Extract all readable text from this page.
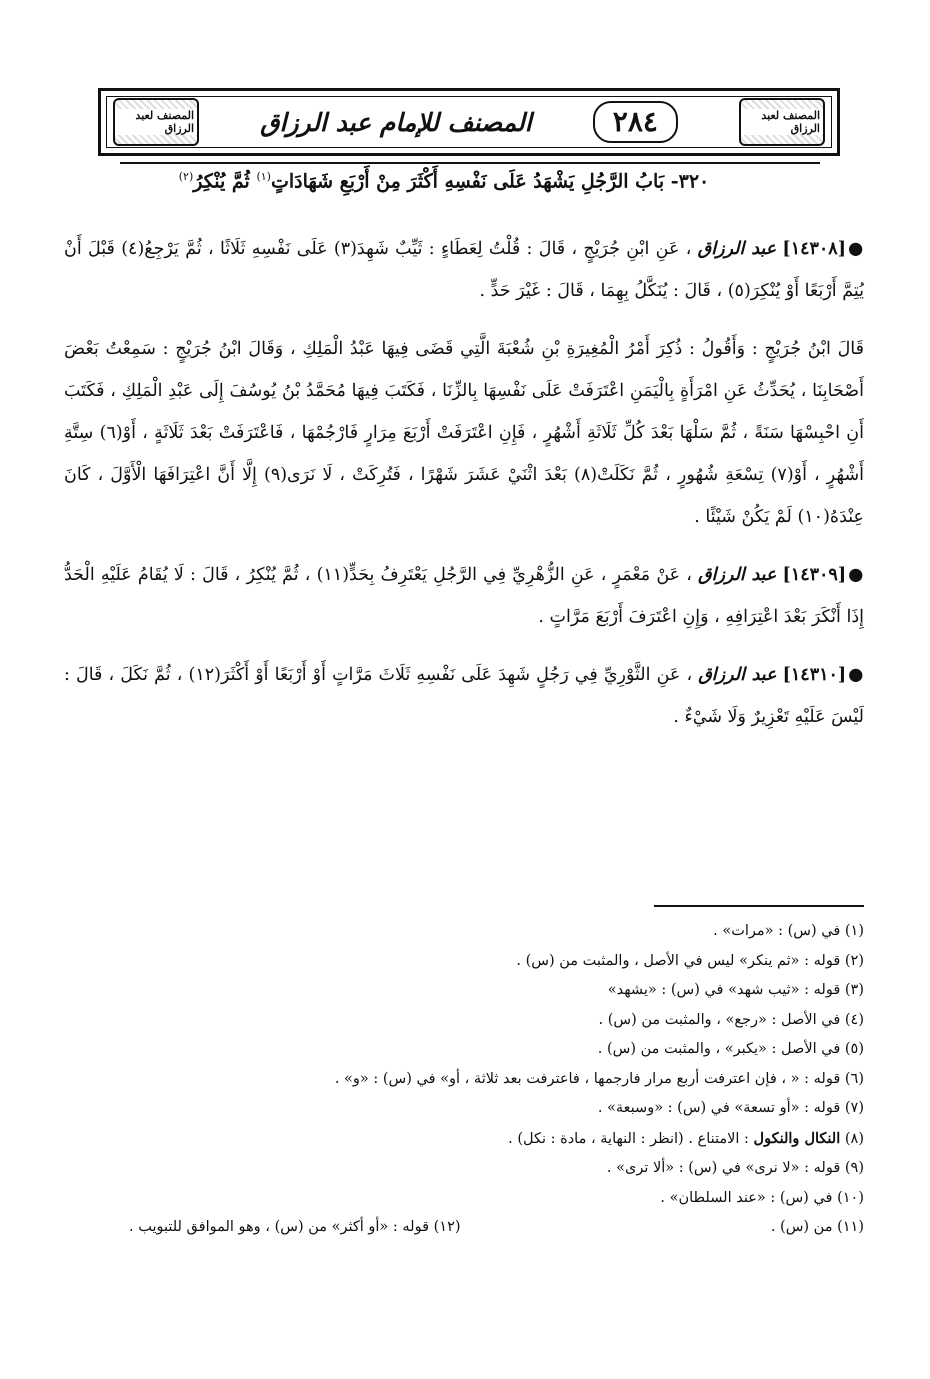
المصنف لعبد الرزاق
٢٨٤
المصنف للإمام عبد الرزاق
المصنف لعبد الرزاق
٣٢٠- بَابُ الرَّجُلِ يَشْهَدُ عَلَى نَفْسِهِ أَكْثَرَ مِنْ أَرْبَعِ شَهَادَاتٍ$^{(١)}$ ثُمَّ يُنْكِرُ$^{(٢)}$

●[١٤٣٠٨] عبد الرزاق ، عَنِ ابْنِ جُرَيْجٍ ، قَالَ : قُلْتُ لِعَطَاءٍ : ثَيِّبٌ شَهِدَ(٣) عَلَى نَفْسِهِ ثَلَاثًا ، ثُمَّ يَرْجِعُ(٤) قَبْلَ أَنْ يُتِمَّ أَرْبَعًا أَوْ يُنْكِرَ(٥) ، قَالَ : يُنَكَّلُ بِهِمَا ، قَالَ : غَيْرَ حَدٍّ .

قَالَ ابْنُ جُرَيْجٍ : وَأَقُولُ : ذُكِرَ أَمْرُ الْمُغِيرَةِ بْنِ شُعْبَةَ الَّتِي قَضَى فِيهَا عَبْدُ الْمَلِكِ ، وَقَالَ ابْنُ جُرَيْجٍ : سَمِعْتُ بَعْضَ أَصْحَابِنَا ، يُحَدِّثُ عَنِ امْرَأَةٍ بِالْيَمَنِ اعْتَرَفَتْ عَلَى نَفْسِهَا بِالزِّنَا ، فَكَتَبَ فِيهَا مُحَمَّدُ بْنُ يُوسُفَ إِلَى عَبْدِ الْمَلِكِ ، فَكَتَبَ أَنِ احْبِسْهَا سَنَةً ، ثُمَّ سَلْهَا بَعْدَ كُلِّ ثَلَاثَةِ أَشْهُرٍ ، فَإِنِ اعْتَرَفَتْ أَرْبَعَ مِرَارٍ فَارْجُمْهَا ، فَاعْتَرَفَتْ بَعْدَ ثَلَاثَةٍ ، أَوْ(٦) سِتَّةِ أَشْهُرٍ ، أَوْ(٧) تِسْعَةِ شُهُورٍ ، ثُمَّ نَكَلَتْ(٨) بَعْدَ اثْنَيْ عَشَرَ شَهْرًا ، فَتُرِكَتْ ، لَا نَرَى(٩) إِلَّا أَنَّ اعْتِرَافَهَا الْأَوَّلَ ، كَانَ عِنْدَهُ(١٠) لَمْ يَكُنْ شَيْئًا .

●[١٤٣٠٩] عبد الرزاق ، عَنْ مَعْمَرٍ ، عَنِ الزُّهْرِيِّ فِي الرَّجُلِ يَعْتَرِفُ بِحَدٍّ(١١) ، ثُمَّ يُنْكِرُ ، قَالَ : لَا يُقَامُ عَلَيْهِ الْحَدُّ إِذَا أَنْكَرَ بَعْدَ اعْتِرَافِهِ ، وَإِنِ اعْتَرَفَ أَرْبَعَ مَرَّاتٍ .

●[١٤٣١٠] عبد الرزاق ، عَنِ الثَّوْرِيِّ فِي رَجُلٍ شَهِدَ عَلَى نَفْسِهِ ثَلَاثَ مَرَّاتٍ أَوْ أَرْبَعًا أَوْ أَكْثَرَ(١٢) ، ثُمَّ نَكَلَ ، قَالَ : لَيْسَ عَلَيْهِ تَعْزِيرٌ وَلَا شَيْءٌ .

(١) في (س) : «مرات» .
(٢) قوله : «ثم ينكر» ليس في الأصل ، والمثبت من (س) .
(٣) قوله : «ثيب شهد» في (س) : «يشهد»
(٤) في الأصل : «رجع» ، والمثبت من (س) .
(٥) في الأصل : «يكبر» ، والمثبت من (س) .
(٦) قوله : « ، فإن اعترفت أربع مرار فارجمها ، فاعترفت بعد ثلاثة ، أو» في (س) : «و» .
(٧) قوله : «أو تسعة» في (س) : «وسبعة» .
(٨) النكال والنكول : الامتناع . (انظر : النهاية ، مادة : نكل) .
(٩) قوله : «لا نرى» في (س) : «ألا ترى» .
(١٠) في (س) : «عند السلطان» .
(١١) من (س) .
(١٢) قوله : «أو أكثر» من (س) ، وهو الموافق للتبويب .
